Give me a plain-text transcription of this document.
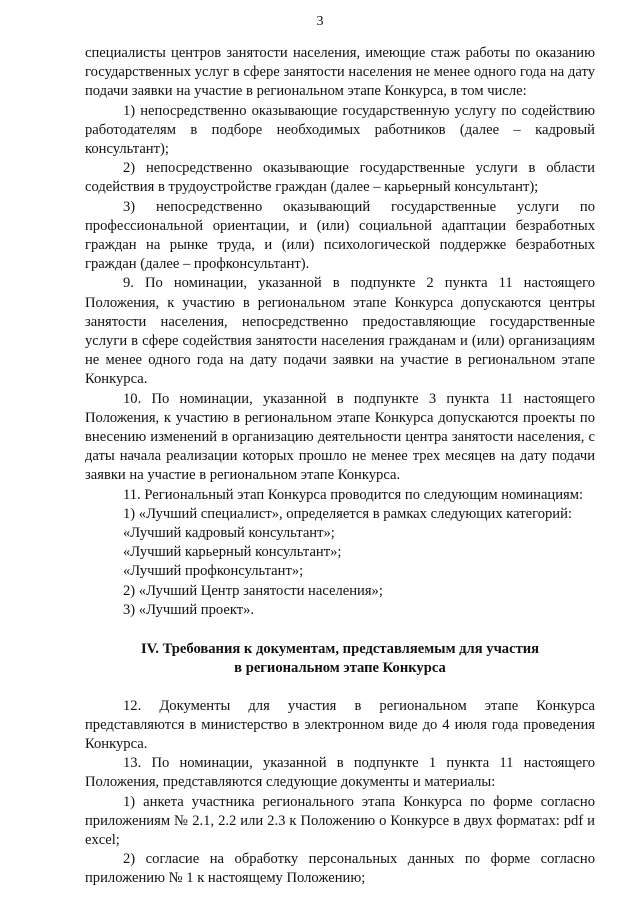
3

специалисты центров занятости населения, имеющие стаж работы по оказанию государственных услуг в сфере занятости населения не менее одного года на дату подачи заявки на участие в региональном этапе Конкурса, в том числе:

1) непосредственно оказывающие государственную услугу по содействию работодателям в подборе необходимых работников (далее – кадровый консультант);

2) непосредственно оказывающие государственные услуги в области содействия в трудоустройстве граждан (далее – карьерный консультант);

3) непосредственно оказывающий государственные услуги по профессиональной ориентации, и (или) социальной адаптации безработных граждан на рынке труда, и (или) психологической поддержке безработных граждан (далее – профконсультант).

9. По номинации, указанной в подпункте 2 пункта 11 настоящего Положения, к участию в региональном этапе Конкурса допускаются центры занятости населения, непосредственно предоставляющие государственные услуги в сфере содействия занятости населения гражданам и (или) организациям не менее одного года на дату подачи заявки на участие в региональном этапе Конкурса.

10. По номинации, указанной в подпункте 3 пункта 11 настоящего Положения, к участию в региональном этапе Конкурса допускаются проекты по внесению изменений в организацию деятельности центра занятости населения, с даты начала реализации которых прошло не менее трех месяцев на дату подачи заявки на участие в региональном этапе Конкурса.

11. Региональный этап Конкурса проводится по следующим номинациям:

1) «Лучший специалист», определяется в рамках следующих категорий:

«Лучший кадровый консультант»;

«Лучший карьерный консультант»;

«Лучший профконсультант»;

2) «Лучший Центр занятости населения»;

3) «Лучший проект».

IV. Требования к документам, представляемым для участия
в региональном этапе Конкурса

12. Документы для участия в региональном этапе Конкурса представляются в министерство в электронном виде до 4 июля года проведения Конкурса.

13. По номинации, указанной в подпункте 1 пункта 11 настоящего Положения, представляются следующие документы и материалы:

1) анкета участника регионального этапа Конкурса по форме согласно приложениям № 2.1, 2.2 или 2.3 к Положению о Конкурсе в двух форматах: pdf и excel;

2) согласие на обработку персональных данных по форме согласно приложению № 1 к настоящему Положению;
